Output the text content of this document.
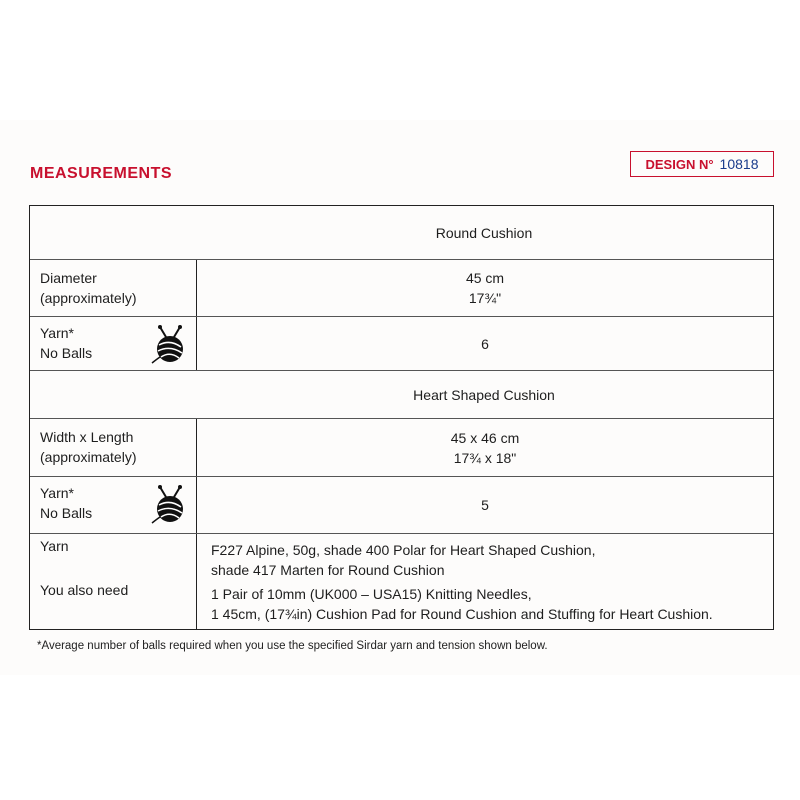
MEASUREMENTS
DESIGN N° 10818
Round Cushion
Diameter
(approximately)
45 cm
17¾"
Yarn*
No Balls
6
Heart Shaped Cushion
Width x Length
(approximately)
45 x 46 cm
17¾ x 18"
Yarn*
No Balls	5
Yarn
You also need
F227 Alpine, 50g, shade 400 Polar for Heart Shaped Cushion,
shade 417 Marten for Round Cushion
1 Pair of 10mm (UK000 – USA15) Knitting Needles,
1 45cm, (17¾in) Cushion Pad for Round Cushion and Stuffing for Heart Cushion.
*Average number of balls required when you use the specified Sirdar yarn and tension shown below.
